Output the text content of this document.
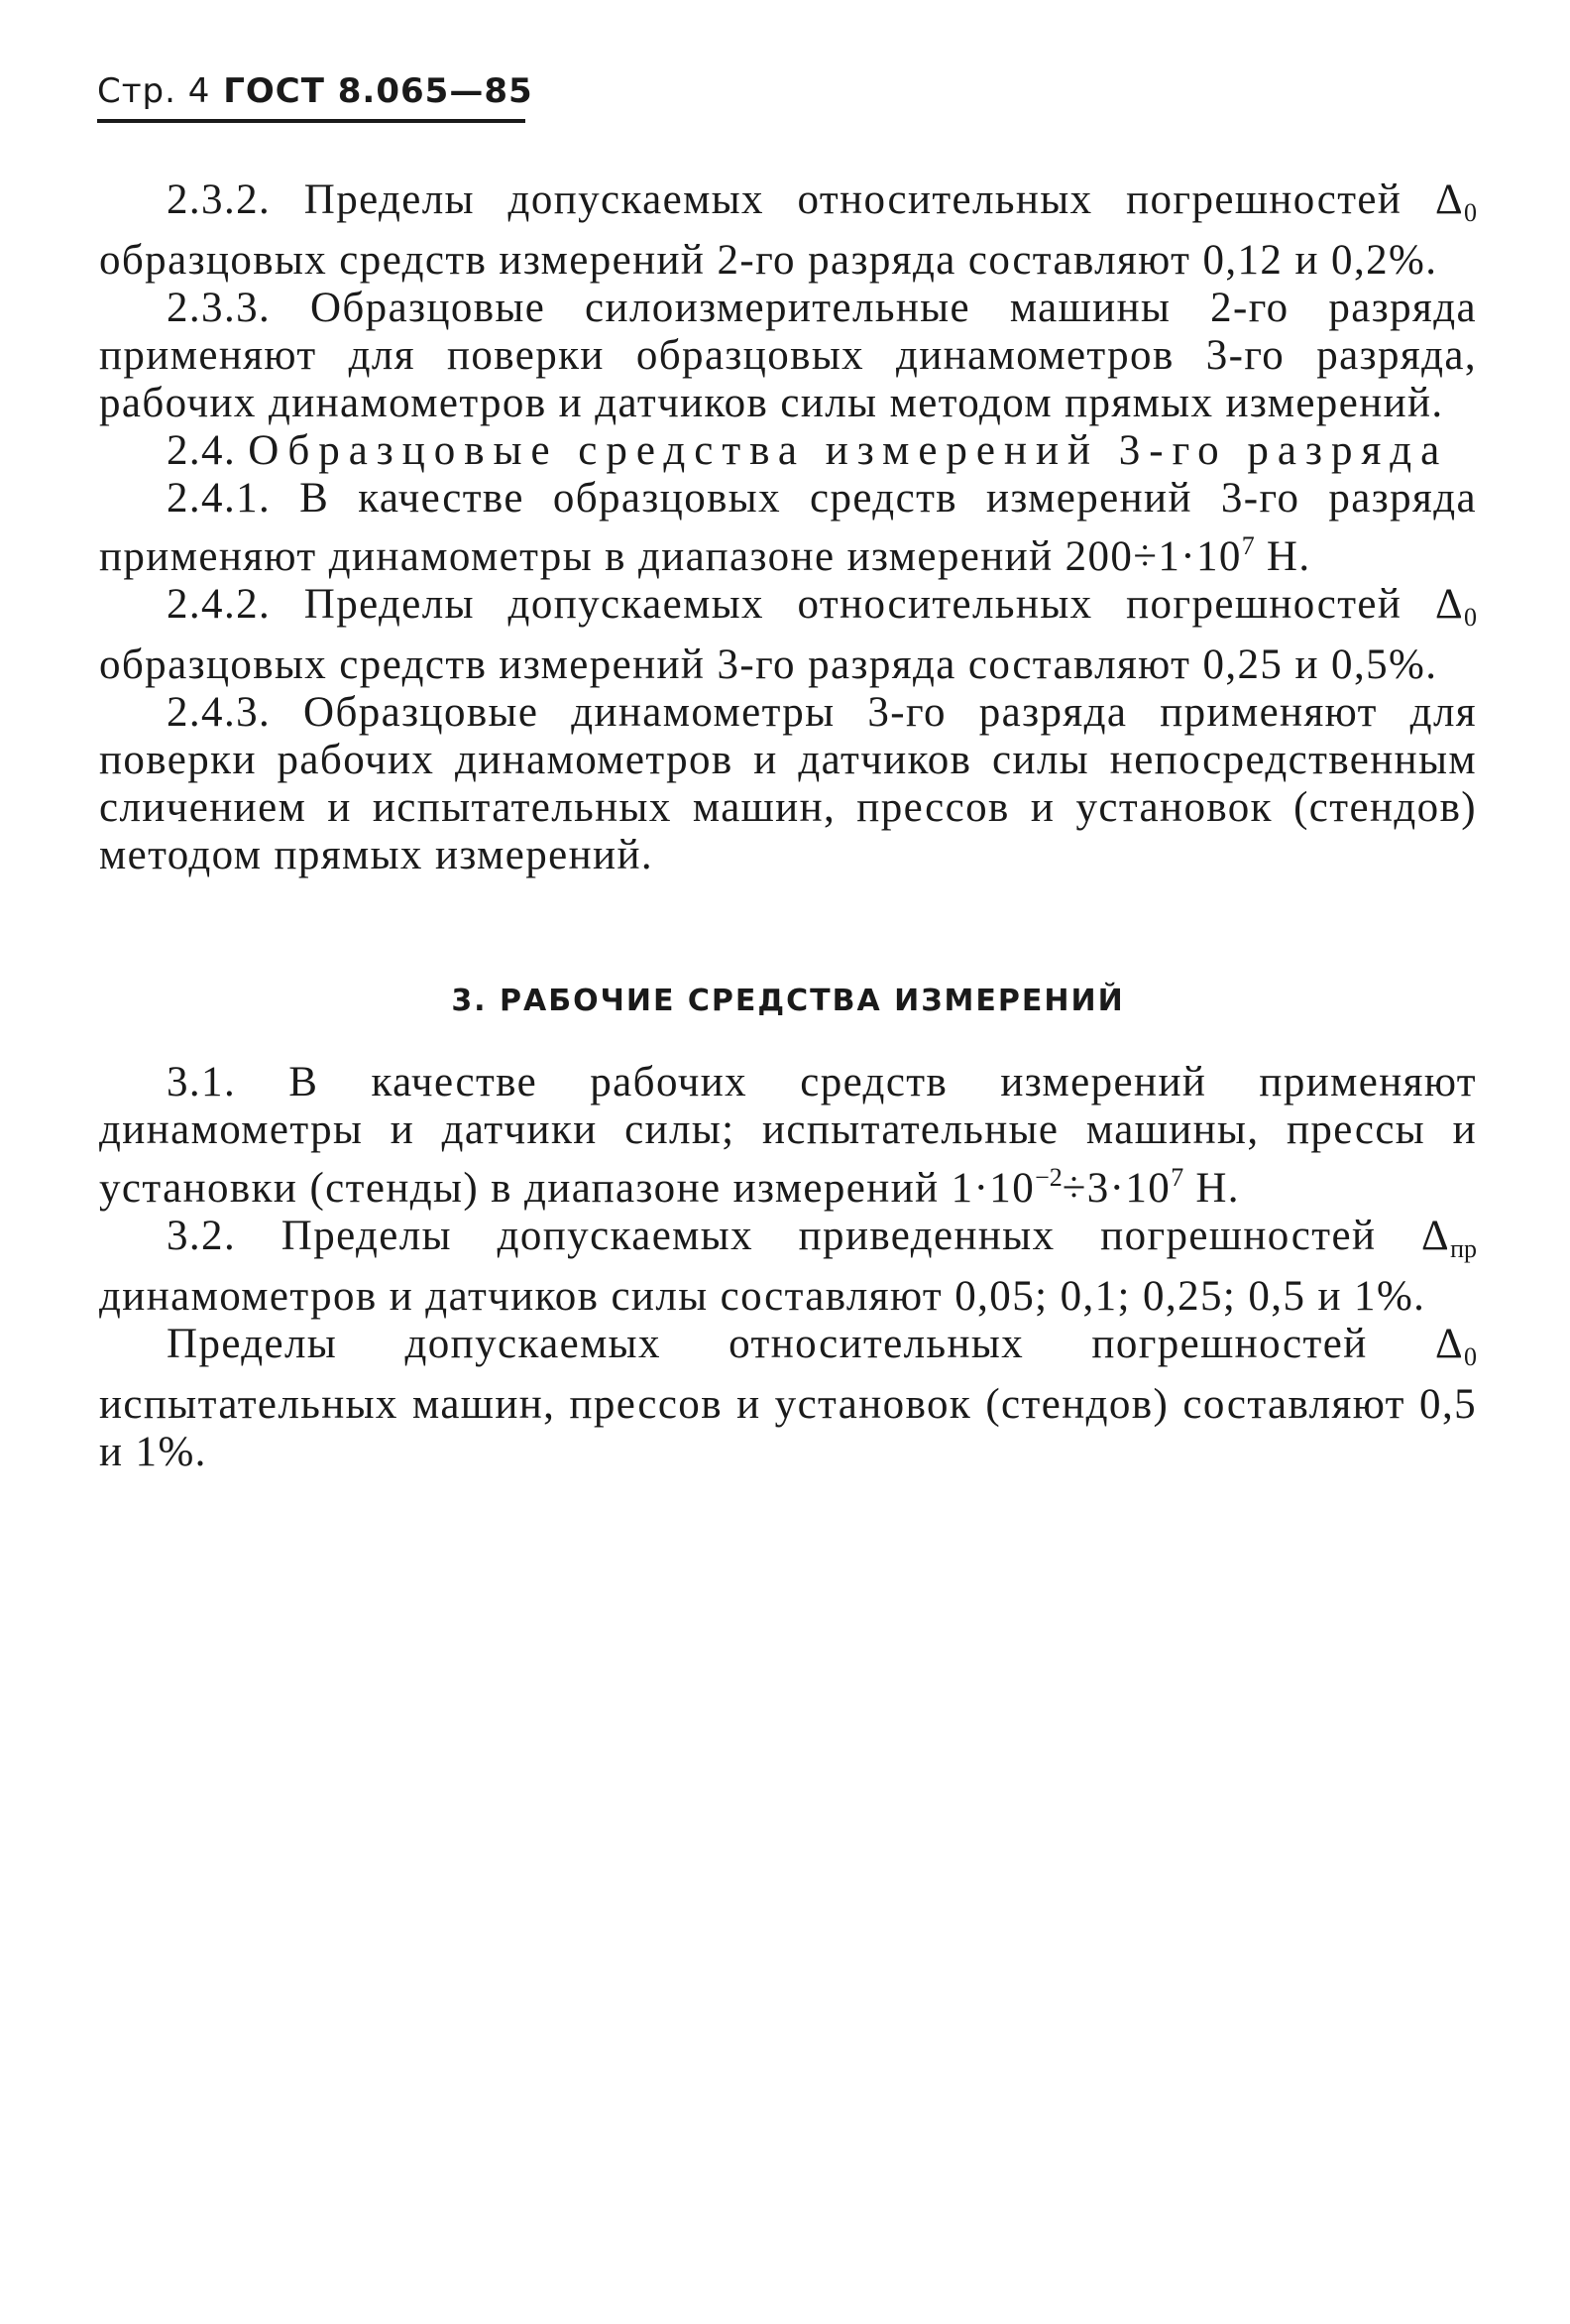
Стр. 4 ГОСТ 8.065—85

2.3.2. Пределы допускаемых относительных погрешностей $\Delta_0$ образцовых средств измерений 2-го разряда составляют 0,12 и 0,2%.

2.3.3. Образцовые силоизмерительные машины 2-го разряда применяют для поверки образцовых динамометров 3-го разряда, рабочих динамометров и датчиков силы методом прямых измерений.

2.4. Образцовые средства измерений 3-го разряда

2.4.1. В качестве образцовых средств измерений 3-го разряда применяют динамометры в диапазоне измерений $200\div 1\cdot 10^7$ Н.

2.4.2. Пределы допускаемых относительных погрешностей $\Delta_0$ образцовых средств измерений 3-го разряда составляют 0,25 и 0,5%.

2.4.3. Образцовые динамометры 3-го разряда применяют для поверки рабочих динамометров и датчиков силы непосредственным сличением и испытательных машин, прессов и установок (стендов) методом прямых измерений.

3. РАБОЧИЕ СРЕДСТВА ИЗМЕРЕНИЙ

3.1. В качестве рабочих средств измерений применяют динамометры и датчики силы; испытательные машины, прессы и установки (стенды) в диапазоне измерений $1\cdot 10^{-2}\div 3\cdot 10^7$ Н.

3.2. Пределы допускаемых приведенных погрешностей $\Delta_{пр}$ динамометров и датчиков силы составляют 0,05; 0,1; 0,25; 0,5 и 1%.

Пределы допускаемых относительных погрешностей $\Delta_0$ испытательных машин, прессов и установок (стендов) составляют 0,5 и 1%.
